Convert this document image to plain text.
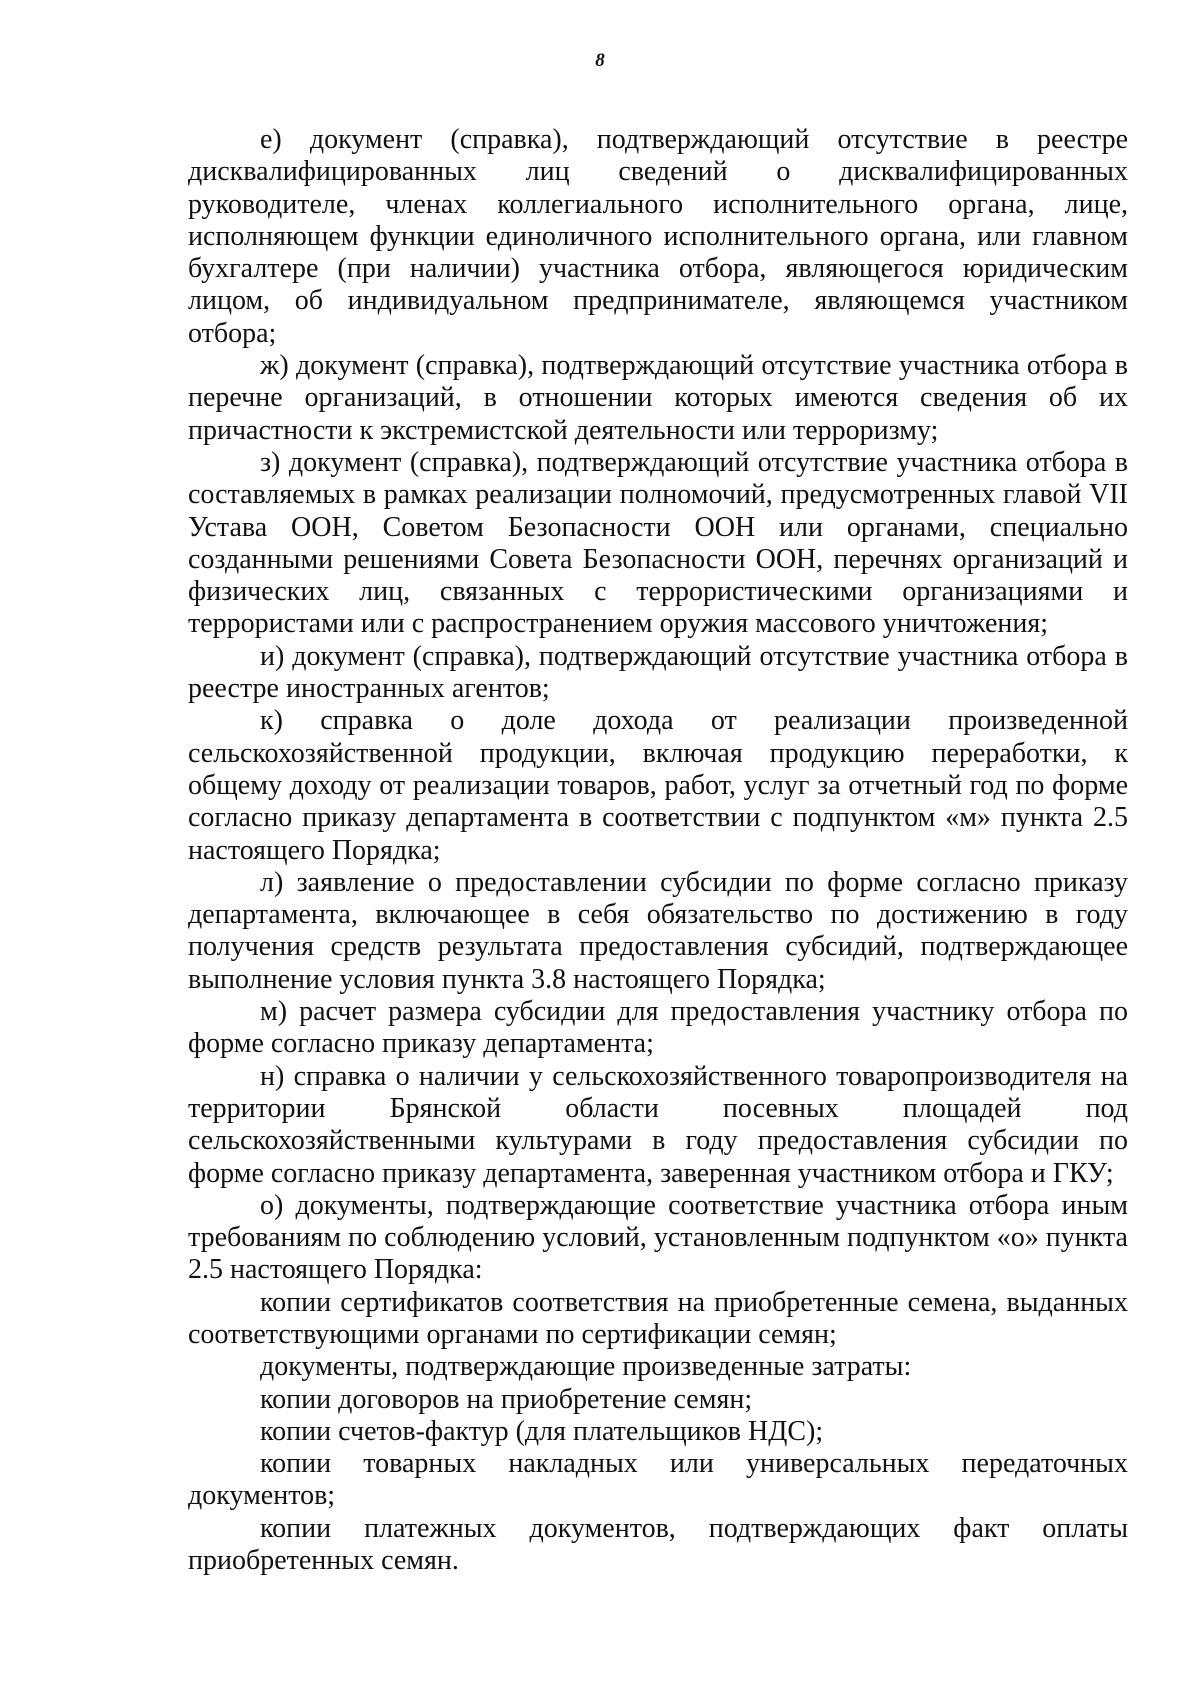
8

е) документ (справка), подтверждающий отсутствие в реестре дисквалифицированных лиц сведений о дисквалифицированных руководителе, членах коллегиального исполнительного органа, лице, исполняющем функции единоличного исполнительного органа, или главном бухгалтере (при наличии) участника отбора, являющегося юридическим лицом, об индивидуальном предпринимателе, являющемся участником отбора;

ж) документ (справка), подтверждающий отсутствие участника отбора в перечне организаций, в отношении которых имеются сведения об их причастности к экстремистской деятельности или терроризму;

з) документ (справка), подтверждающий отсутствие участника отбора в составляемых в рамках реализации полномочий, предусмотренных главой VII Устава ООН, Советом Безопасности ООН или органами, специально созданными решениями Совета Безопасности ООН, перечнях организаций и физических лиц, связанных с террористическими организациями и террористами или с распространением оружия массового уничтожения;

и) документ (справка), подтверждающий отсутствие участника отбора в реестре иностранных агентов;

к) справка о доле дохода от реализации произведенной сельскохозяйственной продукции, включая продукцию переработки, к общему доходу от реализации товаров, работ, услуг за отчетный год по форме согласно приказу департамента в соответствии с подпунктом «м» пункта 2.5 настоящего Порядка;

л) заявление о предоставлении субсидии по форме согласно приказу департамента, включающее в себя обязательство по достижению в году получения средств результата предоставления субсидий, подтверждающее выполнение условия пункта 3.8 настоящего Порядка;

м) расчет размера субсидии для предоставления участнику отбора по форме согласно приказу департамента;

н) справка о наличии у сельскохозяйственного товаропроизводителя на территории Брянской области посевных площадей под сельскохозяйственными культурами в году предоставления субсидии по форме согласно приказу департамента, заверенная участником отбора и ГКУ;

о) документы, подтверждающие соответствие участника отбора иным требованиям по соблюдению условий, установленным подпунктом «о» пункта 2.5 настоящего Порядка:

копии сертификатов соответствия на приобретенные семена, выданных соответствующими органами по сертификации семян;

документы, подтверждающие произведенные затраты:

копии договоров на приобретение семян;

копии счетов-фактур (для плательщиков НДС);

копии товарных накладных или универсальных передаточных документов;

копии платежных документов, подтверждающих факт оплаты приобретенных семян.
